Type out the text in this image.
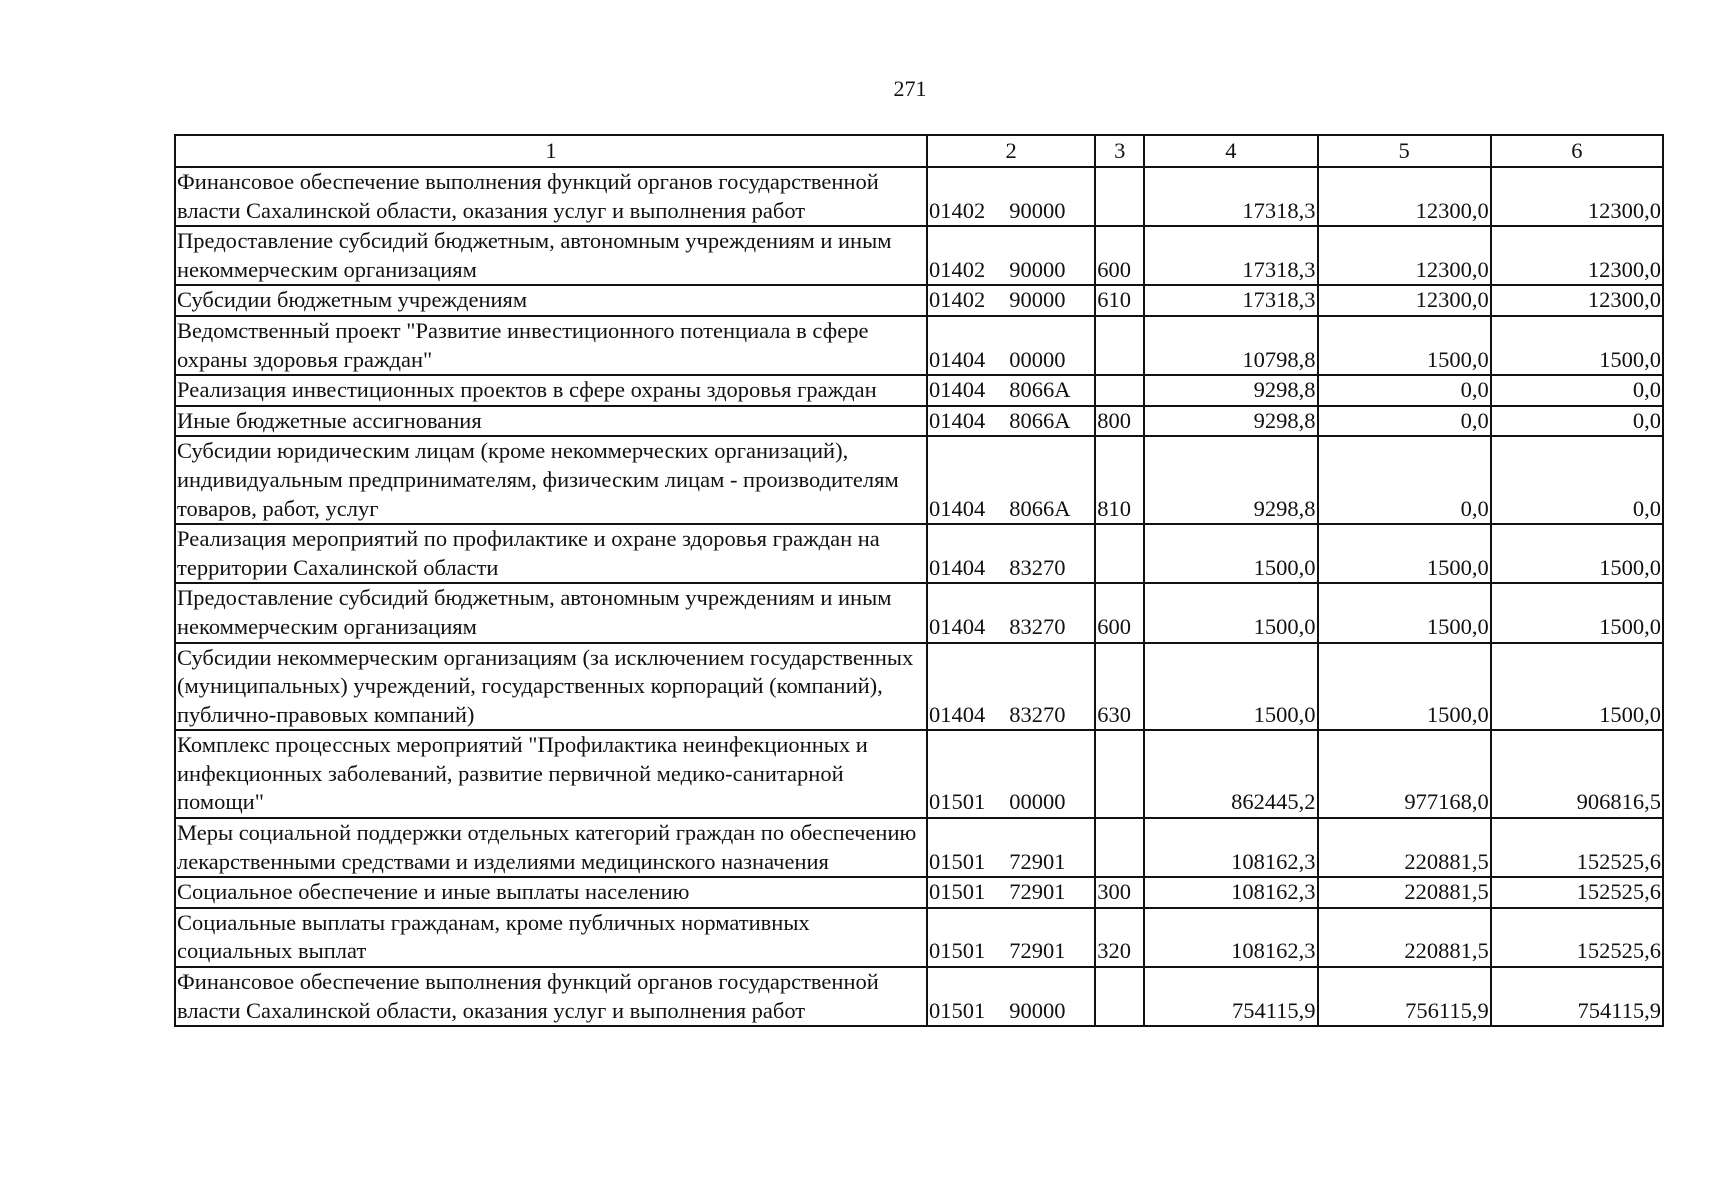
271
1	2	3	4	5	6
Финансовое обеспечение выполнения функций органов государственной власти Сахалинской области, оказания услуг и выполнения работ	01402 90000		17318,3	12300,0	12300,0
Предоставление субсидий бюджетным, автономным учреждениям и иным некоммерческим организациям	01402 90000	600	17318,3	12300,0	12300,0
Субсидии бюджетным учреждениям	01402 90000	610	17318,3	12300,0	12300,0
Ведомственный проект "Развитие инвестиционного потенциала в сфере охраны здоровья граждан"	01404 00000		10798,8	1500,0	1500,0
Реализация инвестиционных проектов в сфере охраны здоровья граждан	01404 8066А		9298,8	0,0	0,0
Иные бюджетные ассигнования	01404 8066А	800	9298,8	0,0	0,0
Субсидии юридическим лицам (кроме некоммерческих организаций), индивидуальным предпринимателям, физическим лицам - производителям товаров, работ, услуг	01404 8066А	810	9298,8	0,0	0,0
Реализация мероприятий по профилактике и охране здоровья граждан на территории Сахалинской области	01404 83270		1500,0	1500,0	1500,0
Предоставление субсидий бюджетным, автономным учреждениям и иным некоммерческим организациям	01404 83270	600	1500,0	1500,0	1500,0
Субсидии некоммерческим организациям (за исключением государственных (муниципальных) учреждений, государственных корпораций (компаний), публично-правовых компаний)	01404 83270	630	1500,0	1500,0	1500,0
Комплекс процессных мероприятий "Профилактика неинфекционных и инфекционных заболеваний, развитие первичной медико-санитарной помощи"	01501 00000		862445,2	977168,0	906816,5
Меры социальной поддержки отдельных категорий граждан по обеспечению лекарственными средствами и изделиями медицинского назначения	01501 72901		108162,3	220881,5	152525,6
Социальное обеспечение и иные выплаты населению	01501 72901	300	108162,3	220881,5	152525,6
Социальные выплаты гражданам, кроме публичных нормативных социальных выплат	01501 72901	320	108162,3	220881,5	152525,6
Финансовое обеспечение выполнения функций органов государственной власти Сахалинской области, оказания услуг и выполнения работ	01501 90000		754115,9	756115,9	754115,9
